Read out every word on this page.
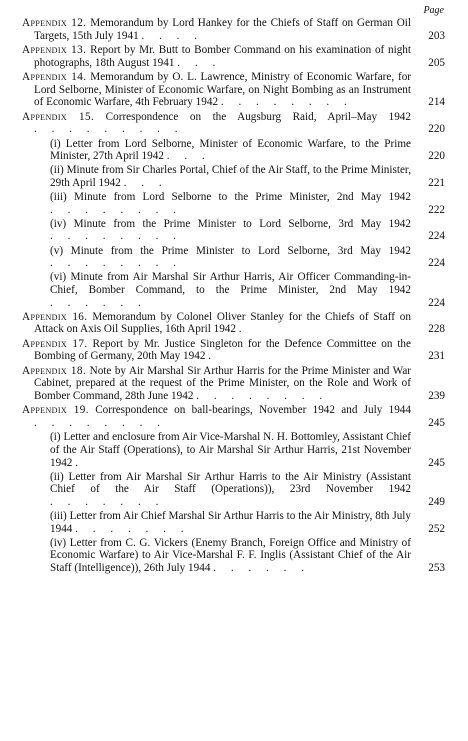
Page
Appendix 12. Memorandum by Lord Hankey for the Chiefs of Staff on German Oil Targets, 15th July 1941 . . . .	203
Appendix 13. Report by Mr. Butt to Bomber Command on his examination of night photographs, 18th August 1941 . . .	205
Appendix 14. Memorandum by O. L. Lawrence, Ministry of Economic Warfare, for Lord Selborne, Minister of Economic Warfare, on Night Bombing as an Instrument of Economic Warfare, 4th February 1942 . . . . . . . .	214
Appendix 15. Correspondence on the Augsburg Raid, April–May 1942 . . . . . . . . .	220
(i) Letter from Lord Selborne, Minister of Economic Warfare, to the Prime Minister, 27th April 1942 . . .	220
(ii) Minute from Sir Charles Portal, Chief of the Air Staff, to the Prime Minister, 29th April 1942 . . .	221
(iii) Minute from Lord Selborne to the Prime Minister, 2nd May 1942 . . . . . . . .	222
(iv) Minute from the Prime Minister to Lord Selborne, 3rd May 1942 . . . . . . . .	224
(v) Minute from the Prime Minister to Lord Selborne, 3rd May 1942 . . . . . . . .	224
(vi) Minute from Air Marshal Sir Arthur Harris, Air Officer Commanding-in-Chief, Bomber Command, to the Prime Minister, 2nd May 1942 . . . . . .	224
Appendix 16. Memorandum by Colonel Oliver Stanley for the Chiefs of Staff on Attack on Axis Oil Supplies, 16th April 1942 .	228
Appendix 17. Report by Mr. Justice Singleton for the Defence Committee on the Bombing of Germany, 20th May 1942 .	231
Appendix 18. Note by Air Marshal Sir Arthur Harris for the Prime Minister and War Cabinet, prepared at the request of the Prime Minister, on the Role and Work of Bomber Command, 28th June 1942 . . . . . . . .	239
Appendix 19. Correspondence on ball-bearings, November 1942 and July 1944 . . . . . . . .	245
(i) Letter and enclosure from Air Vice-Marshal N. H. Bottomley, Assistant Chief of the Air Staff (Operations), to Air Marshal Sir Arthur Harris, 21st November 1942 .	245
(ii) Letter from Air Marshal Sir Arthur Harris to the Air Ministry (Assistant Chief of the Air Staff (Operations)), 23rd November 1942 . . . . . . .	249
(iii) Letter from Air Chief Marshal Sir Arthur Harris to the Air Ministry, 8th July 1944 . . . . . . .	252
(iv) Letter from C. G. Vickers (Enemy Branch, Foreign Office and Ministry of Economic Warfare) to Air Vice-Marshal F. F. Inglis (Assistant Chief of the Air Staff (Intelligence)), 26th July 1944 . . . . . .	253
